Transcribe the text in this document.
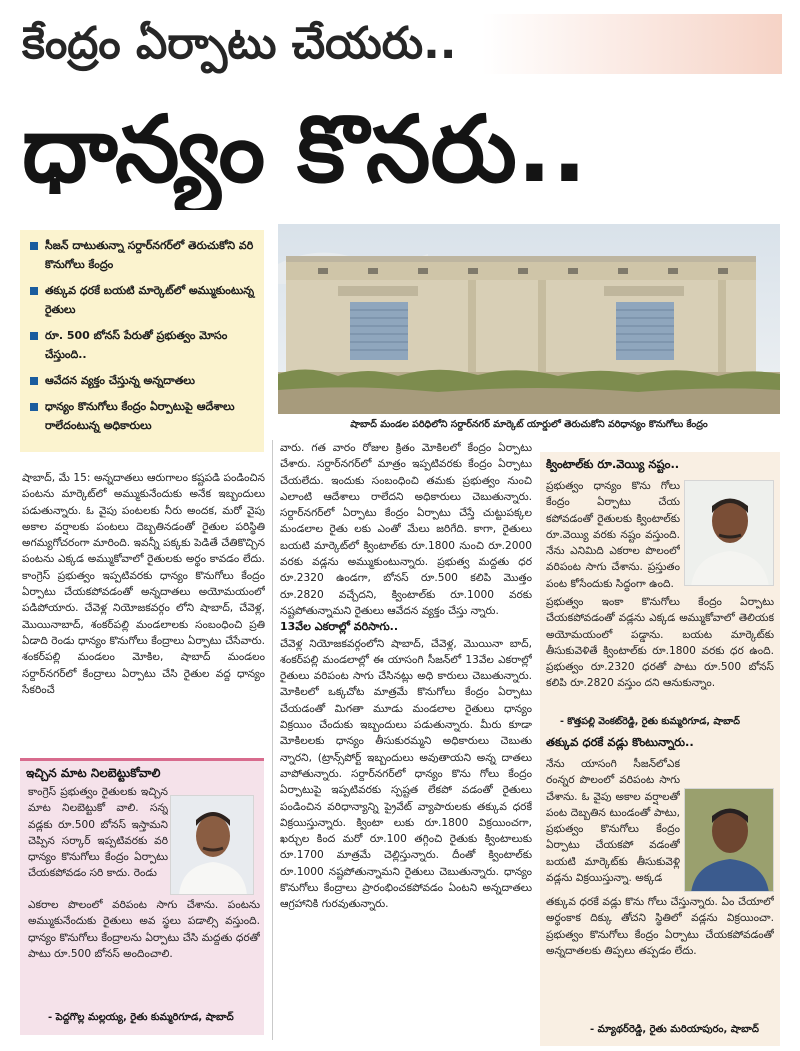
కేంద్రం ఏర్పాటు చేయరు..
ధాన్యం కొనరు..
సీజన్ దాటుతున్నా సర్దార్‌నగర్‌లో తెరుచుకోని వరి కొనుగోలు కేంద్రం
తక్కువ ధరకే బయటి మార్కెట్‌లో అమ్ముకుంటున్న రైతులు
రూ. 500 బోనస్ పేరుతో ప్రభుత్వం మోసం చేస్తుంది..
ఆవేదన వ్యక్తం చేస్తున్న అన్నదాతలు
ధాన్యం కొనుగోలు కేంద్రం ఏర్పాటుపై ఆదేశాలు రాలేదంటున్న అధికారులు	షాబాద్ మండల పరిధిలోని సర్దార్‌నగర్ మార్కెట్ యార్డులో తెరుచుకోని వరిధాన్యం కొనుగోలు కేంద్రం

షాబాద్, మే 15: అన్నదాతలు ఆరుగాలం కష్టపడి పండించిన పంటను మార్కెట్‌లో అమ్ముకునేందుకు అనేక ఇబ్బందులు పడుతున్నారు. ఓ వైపు పంటలకు నీరు అందక, మరో వైపు అకాల వర్షాలకు పంటలు దెబ్బతినడంతో రైతుల పరిస్థితి అగమ్యగోచరంగా మారింది. ఇవన్నీ పక్కకు పెడితే చేతికొచ్చిన పంటను ఎక్కడ అమ్ముకోవాలో రైతులకు అర్థం కావడం లేదు. కాంగ్రెస్ ప్రభుత్వం ఇప్పటివరకు ధాన్యం కొనుగోలు కేంద్రం ఏర్పాటు చేయకపోవడంతో అన్నదాతలు అయోమయంలో పడిపోయారు. చేవెళ్ల నియోజకవర్గం లోని షాబాద్, చేవెళ్ల, మొయినాబాద్, శంకర్‌పల్లి మండలాలకు సంబంధించి ప్రతి ఏడాది రెండు ధాన్యం కొనుగోలు కేంద్రాలు ఏర్పాటు చేసేవారు. శంకర్‌పల్లి మండలం మోకిల, షాబాద్ మండలం సర్దార్‌నగర్‌లో కేంద్రాలు ఏర్పాటు చేసి రైతుల వద్ద ధాన్యం సేకరించే

ఇచ్చిన మాట నిలబెట్టుకోవాలి

కాంగ్రెస్ ప్రభుత్వం రైతులకు ఇచ్చిన మాట నిలబెట్టుకో వాలి. సన్న వడ్లకు రూ.500 బోనస్ ఇస్తామని చెప్పిన సర్కార్ ఇప్పటివరకు వరి ధాన్యం కొనుగోలు కేంద్రం ఏర్పాటు చేయకపోవడం సరి కాదు. రెండు

ఎకరాల పొలంలో వరిపంట సాగు చేశాను. పంటను అమ్ముకునేందుకు రైతులు అవ స్థలు పడాల్సి వస్తుంది. ధాన్యం కొనుగోలు కేంద్రాలను ఏర్పాటు చేసి మద్దతు ధరతో పాటు రూ.500 బోనస్ అందించాలి.

- పెద్దగొల్ల మల్లయ్య, రైతు కుమ్మరిగూడ, షాబాద్

వారు. గత వారం రోజుల క్రితం మోకిలలో కేంద్రం ఏర్పాటు చేశారు. సర్దార్‌నగర్‌లో మాత్రం ఇప్పటివరకు కేంద్రం ఏర్పాటు చేయలేదు. ఇందుకు సంబంధించి తమకు ప్రభుత్వం నుంచి ఎలాంటి ఆదేశాలు రాలేదని అధికారులు చెబుతున్నారు. సర్దార్‌నగర్‌లో ఏర్పాటు కేంద్రం ఏర్పాటు చేస్తే చుట్టుపక్కల మండలాల రైతు లకు ఎంతో మేలు జరిగేది. కాగా, రైతులు బయటి మార్కెట్‌లో క్వింటాల్‌కు రూ.1800 నుంచి రూ.2000 వరకు వడ్లను అమ్ముకుంటున్నారు. ప్రభుత్వ మద్దతు ధర రూ.2320 ఉండగా, బోనస్ రూ.500 కలిపి మొత్తం రూ.2820 వచ్చేదని, క్వింటాల్‌కు రూ.1000 వరకు నష్టపోతున్నామని రైతులు ఆవేదన వ్యక్తం చేస్తు న్నారు.

13వేల ఎకరాల్లో వరిసాగు..

చేవెళ్ల నియోజకవర్గంలోని షాబాద్, చేవెళ్ల, మొయినా బాద్, శంకర్‌పల్లి మండలాల్లో ఈ యాసంగి సీజన్‌లో 13వేల ఎకరాల్లో రైతులు వరిపంట సాగు చేసినట్లు అధి కారులు చెబుతున్నారు. మోకిలలో ఒక్కచోట మాత్రమే కొనుగోలు కేంద్రం ఏర్పాటు చేయడంతో మిగతా మూడు మండలాల రైతులు ధాన్యం విక్రయిం చేందుకు ఇబ్బందులు పడుతున్నారు. మీరు కూడా మోకిలలకు ధాన్యం తీసుకురమ్మని అధికారులు చెబుతు న్నారని, (ట్రాన్స్‌పోర్ట్ ఇబ్బందులు అవుతాయని అన్న దాతలు వాపోతున్నారు. సర్దార్‌నగర్‌లో ధాన్యం కొను గోలు కేంద్రం ఏర్పాటుపై ఇప్పటివరకు స్పష్టత లేకపో వడంతో రైతులు పండించిన వరిధాన్యాన్ని ప్రైవేట్ వ్యాపారులకు తక్కువ ధరకే విక్రయిస్తున్నారు. క్వింటా లుకు రూ.1800 విక్రయించగా, ఖర్చుల కింద మరో రూ.100 తగ్గించి రైతుకు క్వింటాలుకు రూ.1700 మాత్రమే చెల్లిస్తున్నారు. దీంతో క్వింటాల్‌కు రూ.1000 నష్టపోతున్నామని రైతులు చెబుతున్నారు. ధాన్యం కొనుగోలు కేంద్రాలు ప్రారంభించకపోవడం ఏంటని అన్నదాతలు ఆగ్రహానికి గురవుతున్నారు.

క్వింటాల్‌కు రూ.వెయ్యి నష్టం..

ప్రభుత్వం ధాన్యం కొను గోలు కేంద్రం ఏర్పాటు చేయ కపోవడంతో రైతులకు క్వింటాల్‌కు రూ.వెయ్యి వరకు నష్టం వస్తుంది. నేను ఎనిమిది ఎకరాల పొలంలో వరిపంట సాగు చేశాను. ప్రస్తుతం పంట కోసేందుకు సిద్ధంగా ఉంది.

ప్రభుత్వం ఇంకా కొనుగోలు కేంద్రం ఏర్పాటు చేయకపోవడంతో వడ్లను ఎక్కడ అమ్ముకోవాలో తెలియక అయోమయంలో పడ్డాను. బయట మార్కెట్‌కు తీసుకువెళితే క్వింటాల్‌కు రూ.1800 వరకు ధర ఉంది. ప్రభుత్వం రూ.2320 ధరతో పాటు రూ.500 బోనస్ కలిపి రూ.2820 వస్తుం దని ఆనుకున్నాం.

- కొత్తపల్లి వెంకట్‌రెడ్డి, రైతు కుమ్మరిగూడ, షాబాద్

తక్కువ ధరకే వడ్లు కొంటున్నారు..

నేను యాసంగి సీజన్‌లోఎక రంన్నర పొలంలో వరిపంట సాగు చేశాను. ఓ వైపు అకాల వర్షాలతో పంట దెబ్బతిన టుండంతో పాటు, ప్రభుత్వం కొనుగోలు కేంద్రం ఏర్పాటు చేయకపో వడంతో బయటి మార్కెట్‌కు తీసుకువెళ్లి వడ్లను విక్రయిస్తున్నా. అక్కడ

తక్కువ ధరకే వడ్లు కొను గోలు చేస్తున్నారు. ఏం చేయాలో అర్థంకాక దిక్కు తోచని స్థితిలో వడ్లను విక్రయించా. ప్రభుత్వం కొనుగోలు కేంద్రం ఏర్పాటు చేయకపోవడంతో అన్నదాతలకు తిప్పలు తప్పడం లేదు.

- మ్యాథర్‌రెడ్డి, రైతు మరియాపురం, షాబాద్
